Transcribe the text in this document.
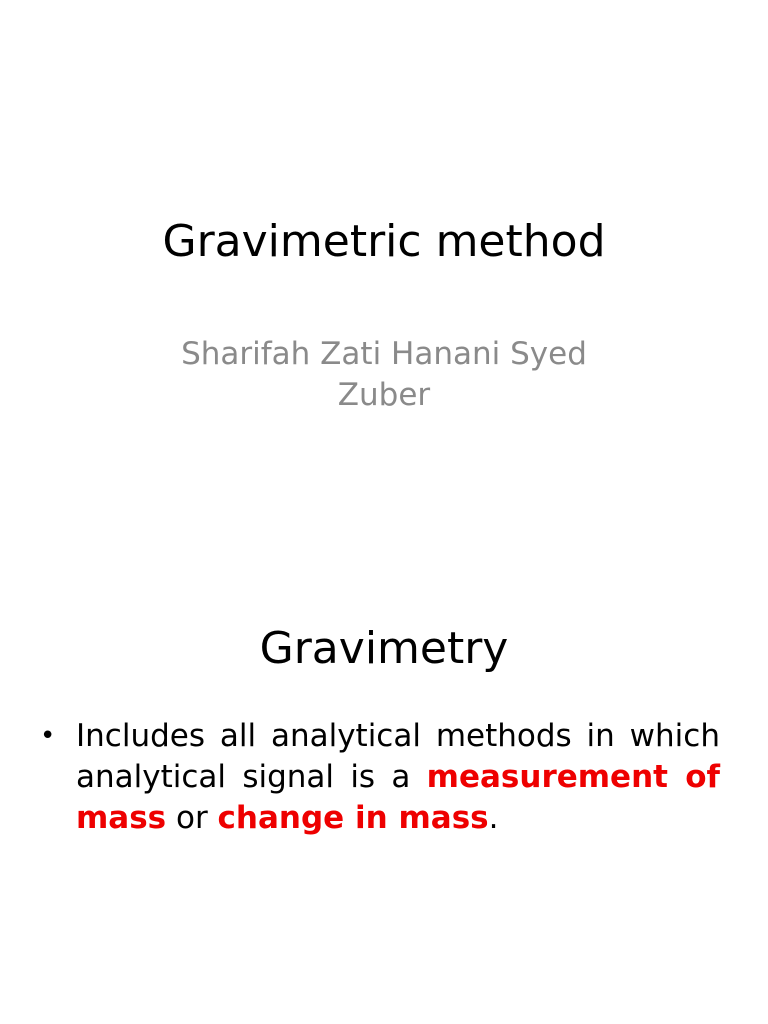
Gravimetric method

Sharifah Zati Hanani Syed Zuber

Gravimetry
• Includes all analytical methods in which analytical signal is a measurement of mass or change in mass.
